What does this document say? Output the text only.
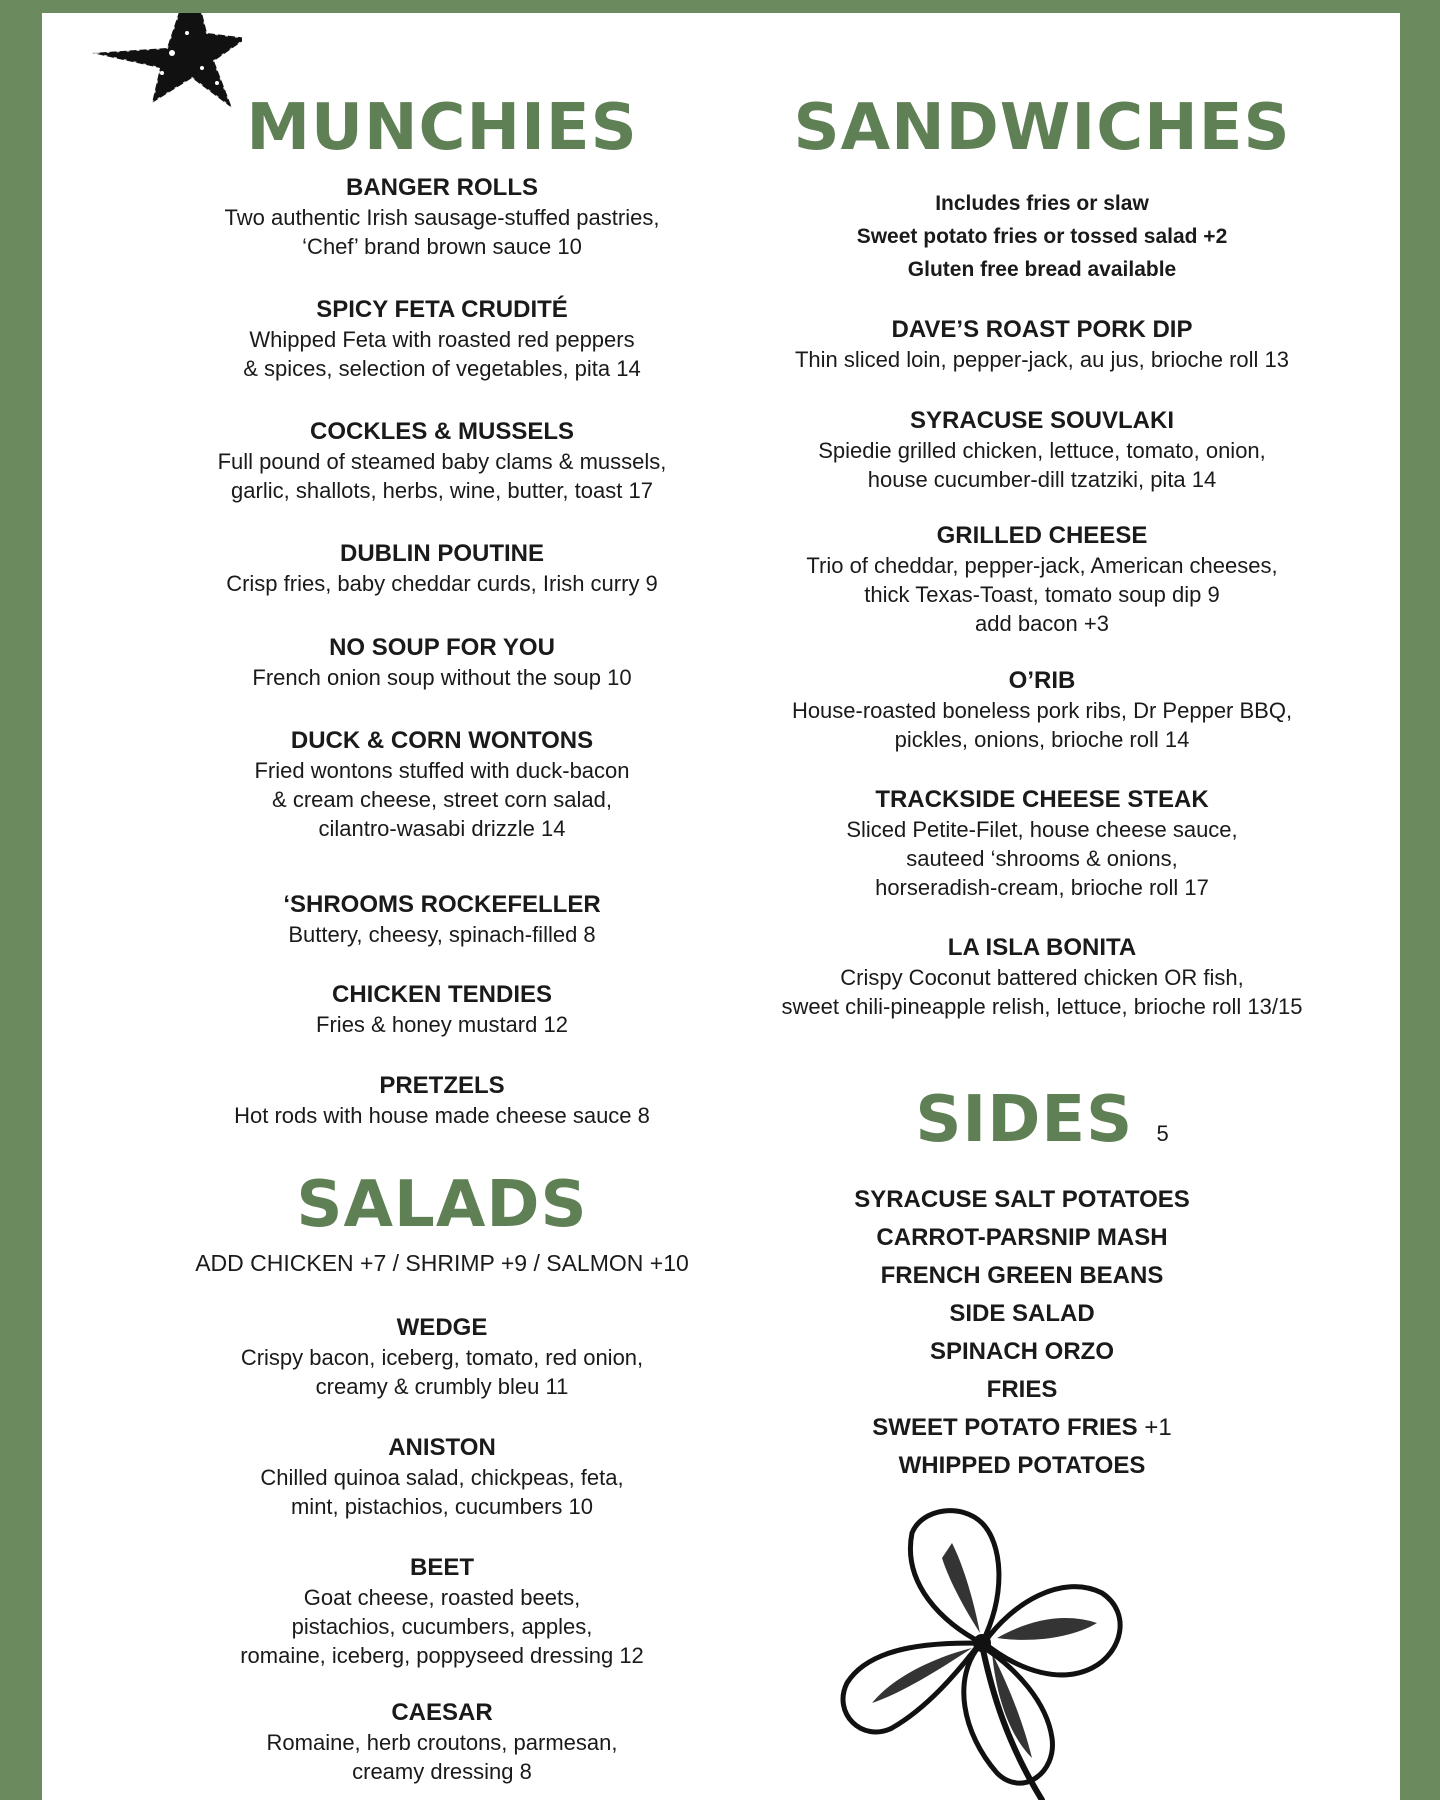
MUNCHIES
BANGER ROLLS
Two authentic Irish sausage-stuffed pastries,
‘Chef’ brand brown sauce 10
SPICY FETA CRUDITÉ
Whipped Feta with roasted red peppers
& spices, selection of vegetables, pita 14
COCKLES & MUSSELS
Full pound of steamed baby clams & mussels,
garlic, shallots, herbs, wine, butter, toast 17
DUBLIN POUTINE
Crisp fries, baby cheddar curds, Irish curry 9
NO SOUP FOR YOU
French onion soup without the soup 10
DUCK & CORN WONTONS
Fried wontons stuffed with duck-bacon
& cream cheese, street corn salad,
cilantro-wasabi drizzle 14
‘SHROOMS ROCKEFELLER
Buttery, cheesy, spinach-filled 8
CHICKEN TENDIES
Fries & honey mustard 12
PRETZELS
Hot rods with house made cheese sauce 8
SALADS
ADD CHICKEN +7 / SHRIMP +9 / SALMON +10
WEDGE
Crispy bacon, iceberg, tomato, red onion,
creamy & crumbly bleu 11
ANISTON
Chilled quinoa salad, chickpeas, feta,
mint, pistachios, cucumbers 10
BEET
Goat cheese, roasted beets,
pistachios, cucumbers, apples,
romaine, iceberg, poppyseed dressing 12
CAESAR
Romaine, herb croutons, parmesan,
creamy dressing 8
SANDWICHES
Includes fries or slaw
Sweet potato fries or tossed salad +2
Gluten free bread available
DAVE’S ROAST PORK DIP
Thin sliced loin, pepper-jack, au jus, brioche roll 13
SYRACUSE SOUVLAKI
Spiedie grilled chicken, lettuce, tomato, onion,
house cucumber-dill tzatziki, pita 14
GRILLED CHEESE
Trio of cheddar, pepper-jack, American cheeses,
thick Texas-Toast, tomato soup dip 9
add bacon +3
O’RIB
House-roasted boneless pork ribs, Dr Pepper BBQ,
pickles, onions, brioche roll 14
TRACKSIDE CHEESE STEAK
Sliced Petite-Filet, house cheese sauce,
sauteed ‘shrooms & onions,
horseradish-cream, brioche roll 17
LA ISLA BONITA
Crispy Coconut battered chicken OR fish,
sweet chili-pineapple relish, lettuce, brioche roll 13/15
SIDES 5
SYRACUSE SALT POTATOES
CARROT-PARSNIP MASH
FRENCH GREEN BEANS
SIDE SALAD
SPINACH ORZO
FRIES
SWEET POTATO FRIES +1
WHIPPED POTATOES
